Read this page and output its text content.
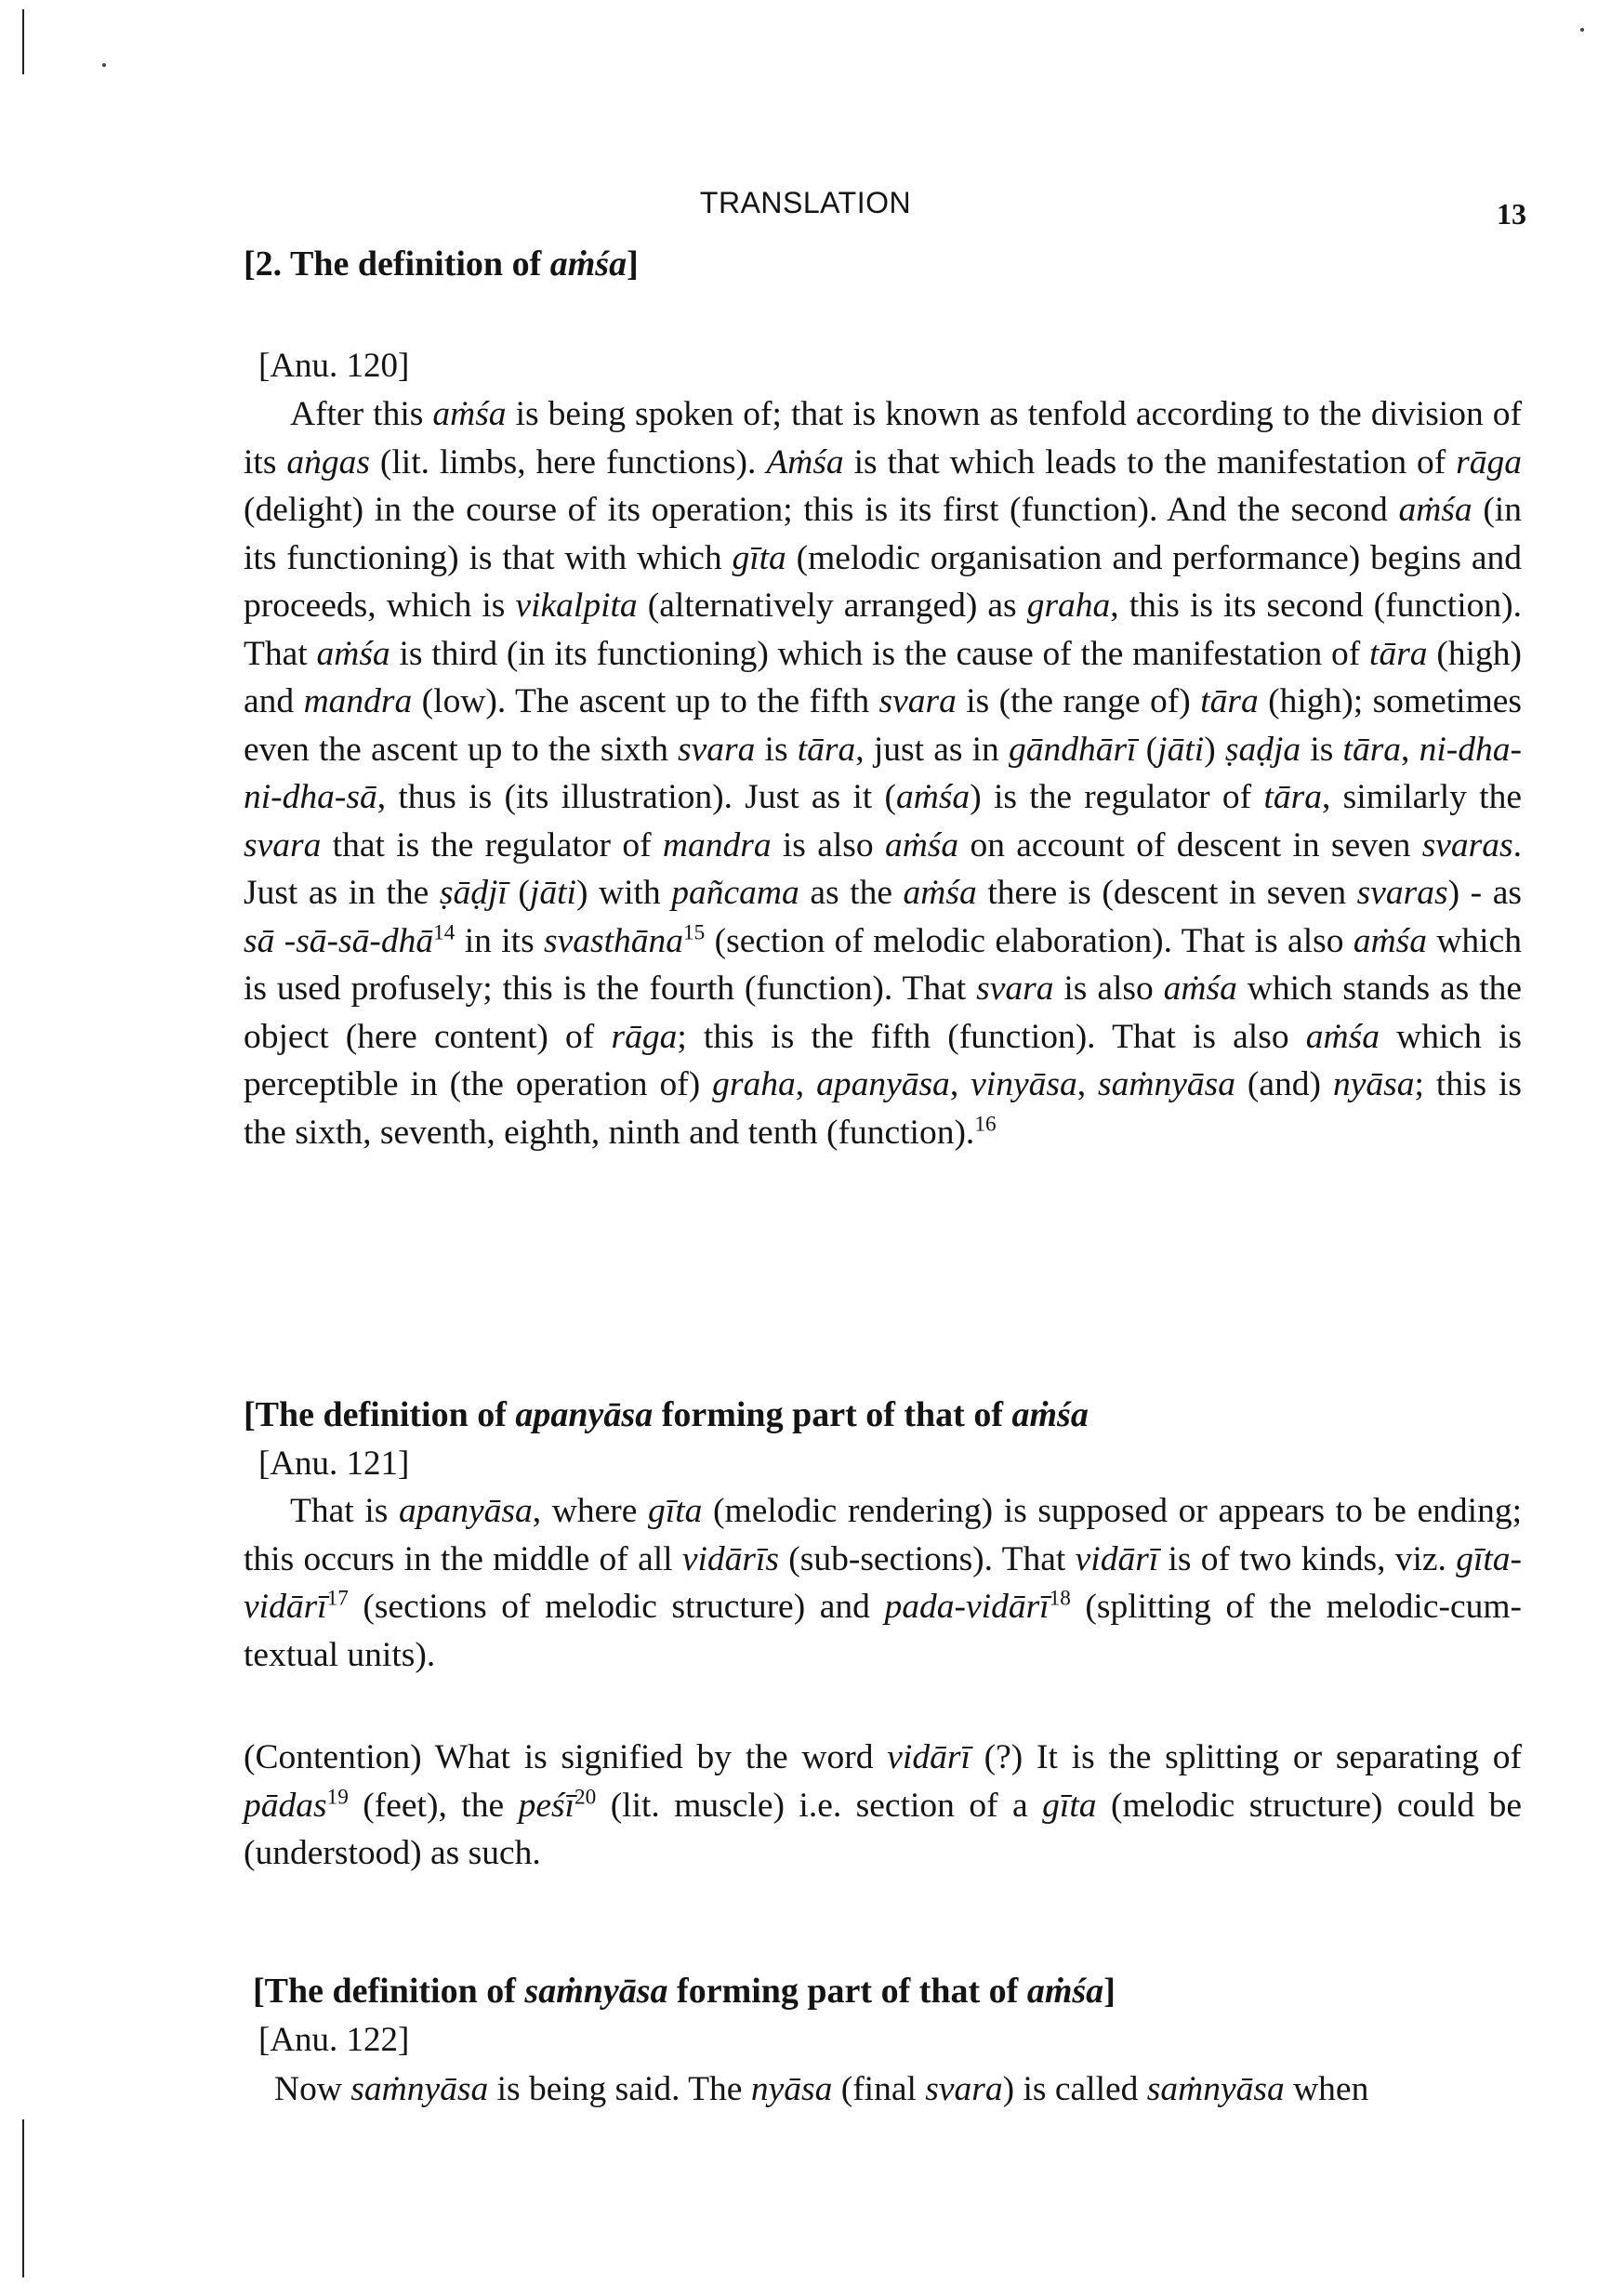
TRANSLATION	13
[2. The definition of aṁśa]
[Anu. 120]
After this aṁśa is being spoken of; that is known as tenfold according to the division of its aṅgas (lit. limbs, here functions). Aṁśa is that which leads to the manifestation of rāga (delight) in the course of its operation; this is its first (function). And the second aṁśa (in its functioning) is that with which gīta (melodic organisation and performance) begins and proceeds, which is vikalpita (alternatively arranged) as graha, this is its second (function). That aṁśa is third (in its functioning) which is the cause of the manifestation of tāra (high) and mandra (low). The ascent up to the fifth svara is (the range of) tāra (high); sometimes even the ascent up to the sixth svara is tāra, just as in gāndhārī (jāti) ṣaḍja is tāra, ni-dha-ni-dha-sā, thus is (its illustration). Just as it (aṁśa) is the regulator of tāra, similarly the svara that is the regulator of mandra is also aṁśa on account of descent in seven svaras. Just as in the ṣāḍjī (jāti) with pañcama as the aṁśa there is (descent in seven svaras) - as sā -sā-sā-dhā$^{14}$ in its svasthāna$^{15}$ (section of melodic elaboration). That is also aṁśa which is used profusely; this is the fourth (function). That svara is also aṁśa which stands as the object (here content) of rāga; this is the fifth (function). That is also aṁśa which is perceptible in (the operation of) graha, apanyāsa, vinyāsa, saṁnyāsa (and) nyāsa; this is the sixth, seventh, eighth, ninth and tenth (function).$^{16}$
[The definition of apanyāsa forming part of that of aṁśa
[Anu. 121]
That is apanyāsa, where gīta (melodic rendering) is supposed or appears to be ending; this occurs in the middle of all vidārīs (sub-sections). That vidārī is of two kinds, viz. gīta-vidārī$^{17}$ (sections of melodic structure) and pada-vidārī$^{18}$ (splitting of the melodic-cum-textual units).
(Contention) What is signified by the word vidārī (?) It is the splitting or separating of pādas$^{19}$ (feet), the peśī$^{20}$ (lit. muscle) i.e. section of a gīta (melodic structure) could be (understood) as such.
[The definition of saṁnyāsa forming part of that of aṁśa]
[Anu. 122]
Now saṁnyāsa is being said. The nyāsa (final svara) is called saṁnyāsa when
